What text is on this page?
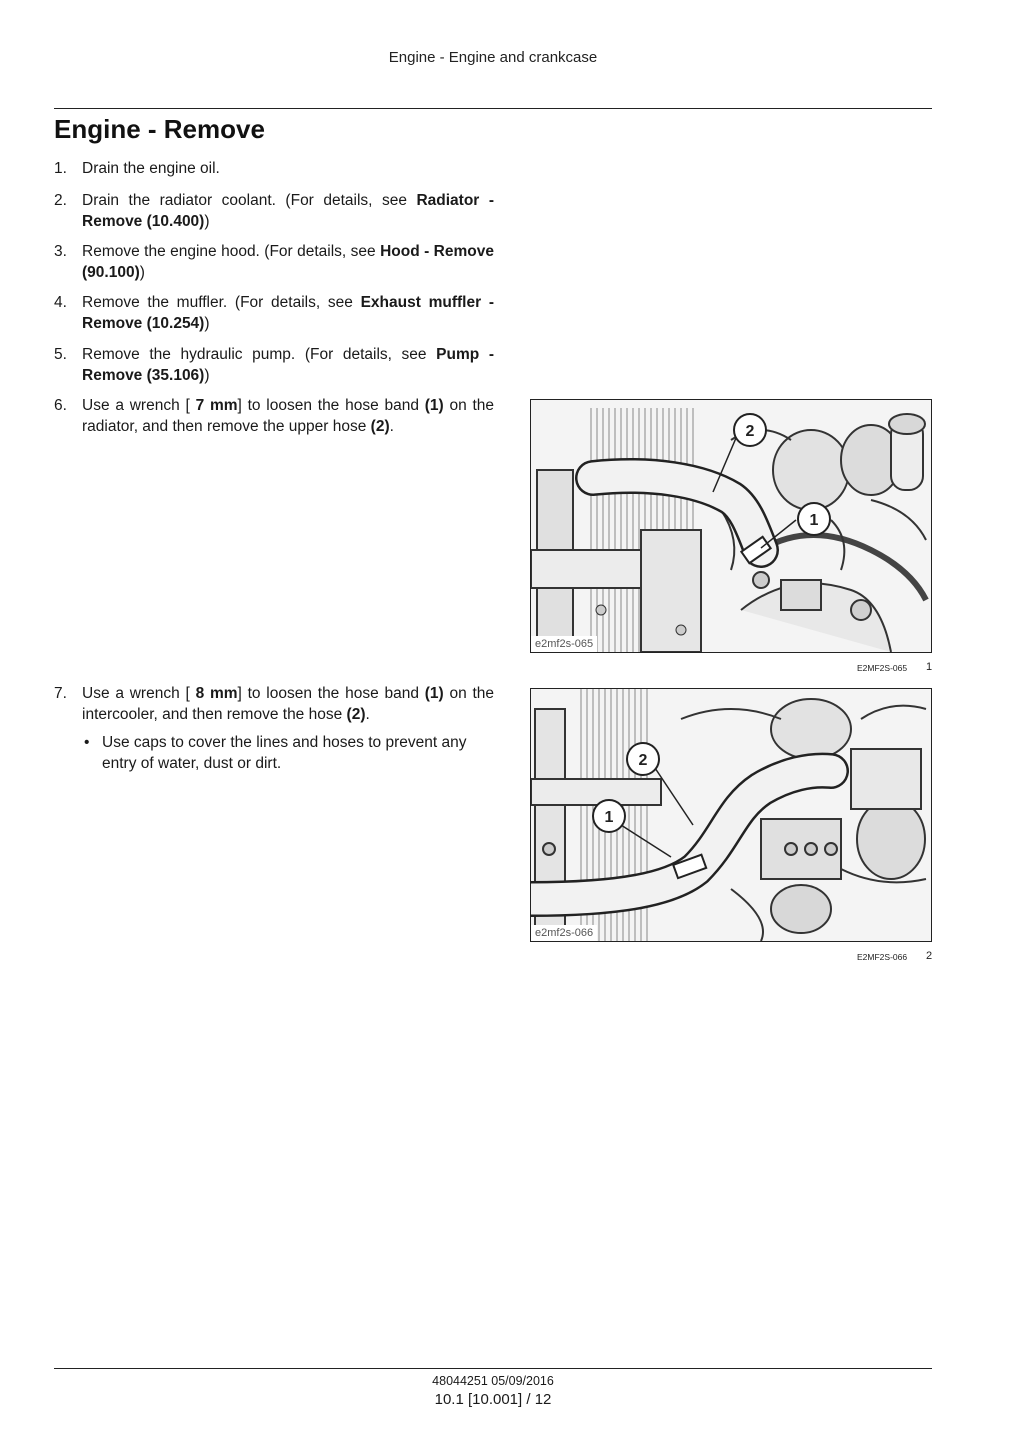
Engine - Engine and crankcase
Engine - Remove
1. Drain the engine oil.
2. Drain the radiator coolant. (For details, see Radiator - Remove (10.400))
3. Remove the engine hood. (For details, see Hood - Remove (90.100))
4. Remove the muffler. (For details, see Exhaust muffler - Remove (10.254))
5. Remove the hydraulic pump. (For details, see Pump - Remove (35.106))
6. Use a wrench [ 7 mm] to loosen the hose band (1) on the radiator, and then remove the upper hose (2).	2
1
e2mf2s-065
E2MF2S-065 1
7. Use a wrench [ 8 mm] to loosen the hose band (1) on the intercooler, and then remove the hose (2).
• Use caps to cover the lines and hoses to prevent any entry of water, dust or dirt.	2
1
e2mf2s-066
E2MF2S-066 2
48044251 05/09/2016
10.1 [10.001] / 12
